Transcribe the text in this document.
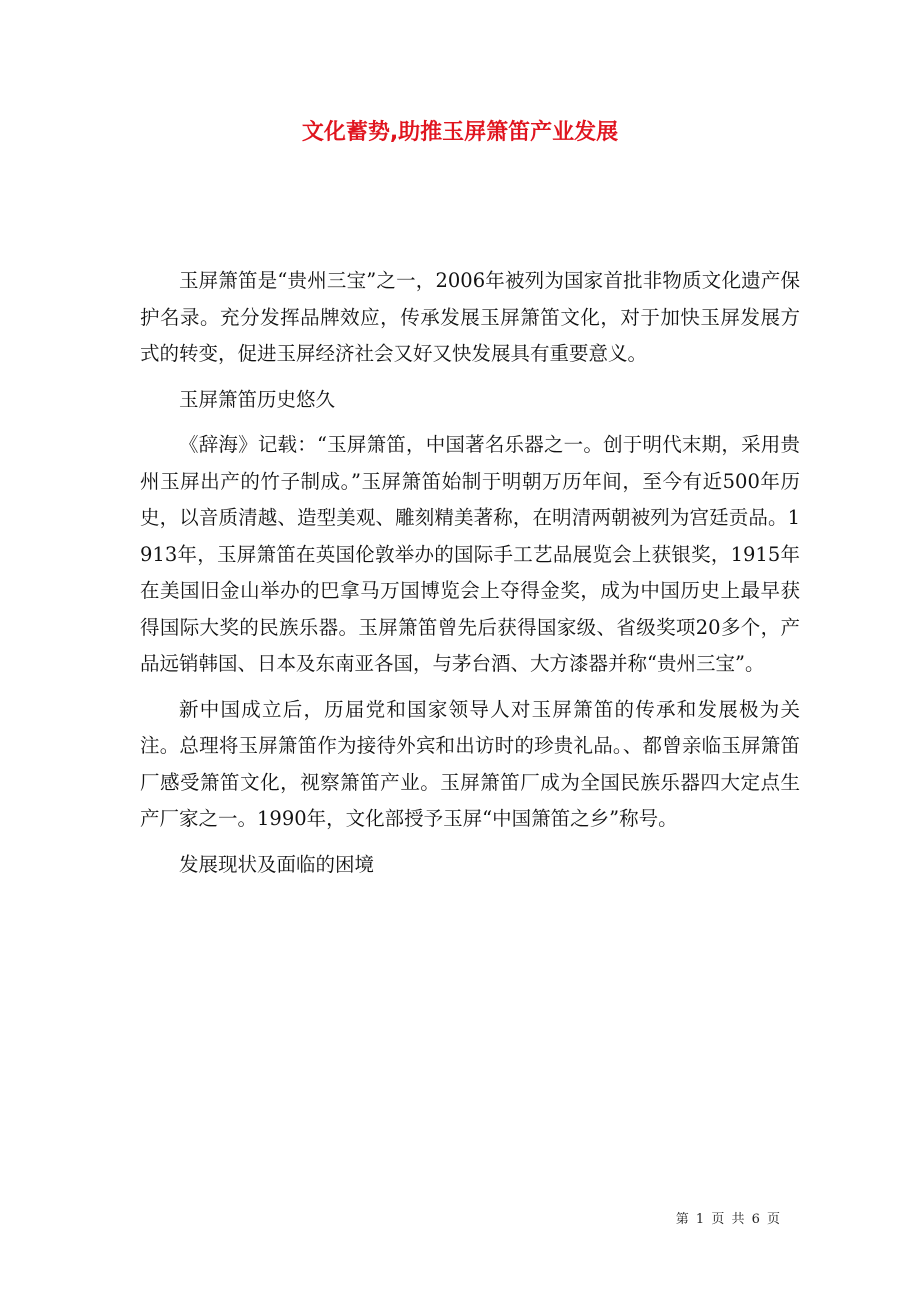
文化蓄势,助推玉屏箫笛产业发展

玉屏箫笛是“贵州三宝”之一，2006年被列为国家首批非物质文化遗产保护名录。充分发挥品牌效应，传承发展玉屏箫笛文化，对于加快玉屏发展方式的转变，促进玉屏经济社会又好又快发展具有重要意义。

玉屏箫笛历史悠久

《辞海》记载：“玉屏箫笛，中国著名乐器之一。创于明代末期，采用贵州玉屏出产的竹子制成。”玉屏箫笛始制于明朝万历年间，至今有近500年历史，以音质清越、造型美观、雕刻精美著称，在明清两朝被列为宫廷贡品。1913年，玉屏箫笛在英国伦敦举办的国际手工艺品展览会上获银奖，1915年在美国旧金山举办的巴拿马万国博览会上夺得金奖，成为中国历史上最早获得国际大奖的民族乐器。玉屏箫笛曾先后获得国家级、省级奖项20多个，产品远销韩国、日本及东南亚各国，与茅台酒、大方漆器并称“贵州三宝”。

新中国成立后，历届党和国家领导人对玉屏箫笛的传承和发展极为关注。总理将玉屏箫笛作为接待外宾和出访时的珍贵礼品。、都曾亲临玉屏箫笛厂感受箫笛文化，视察箫笛产业。玉屏箫笛厂成为全国民族乐器四大定点生产厂家之一。1990年，文化部授予玉屏“中国箫笛之乡”称号。

发展现状及面临的困境

第 1 页 共 6 页
